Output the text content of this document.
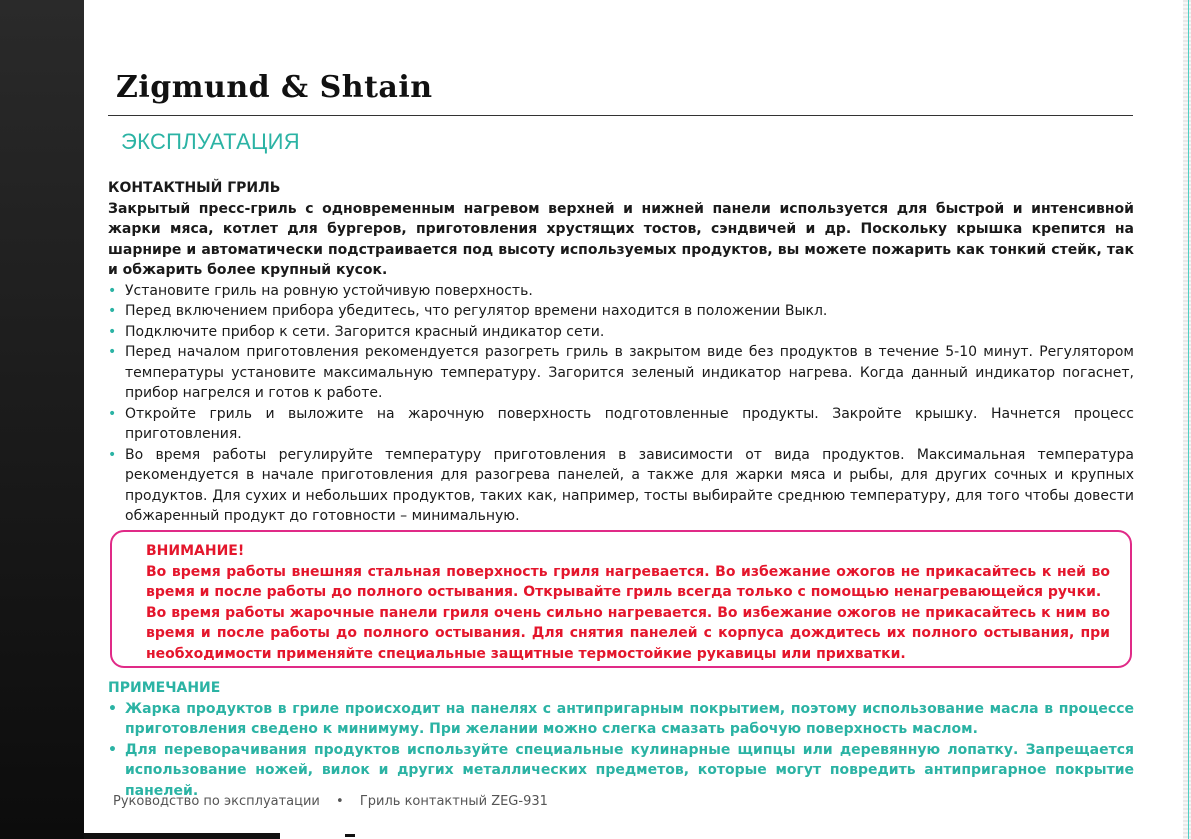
Zigmund & Shtain
ЭКСПЛУАТАЦИЯ

КОНТАКТНЫЙ ГРИЛЬ

Закрытый пресс-гриль с одновременным нагревом верхней и нижней панели используется для быстрой и интенсивной жарки мяса, котлет для бургеров, приготовления хрустящих тостов, сэндвичей и др. Поскольку крышка крепится на шарнире и автоматически подстраивается под высоту используемых продуктов, вы можете пожарить как тонкий стейк, так и обжарить более крупный кусок.

• Установите гриль на ровную устойчивую поверхность.
• Перед включением прибора убедитесь, что регулятор времени находится в положении Выкл.
• Подключите прибор к сети. Загорится красный индикатор сети.
• Перед началом приготовления рекомендуется разогреть гриль в закрытом виде без продуктов в течение 5-10 минут. Регулятором температуры установите максимальную температуру. Загорится зеленый индикатор нагрева. Когда данный индикатор погаснет, прибор нагрелся и готов к работе.
• Откройте гриль и выложите на жарочную поверхность подготовленные продукты. Закройте крышку. Начнется процесс приготовления.
• Во время работы регулируйте температуру приготовления в зависимости от вида продуктов. Максимальная температура рекомендуется в начале приготовления для разогрева панелей, а также для жарки мяса и рыбы, для других сочных и крупных продуктов. Для сухих и небольших продуктов, таких как, например, тосты выбирайте среднюю температуру, для того чтобы довести обжаренный продукт до готовности – минимальную.

ВНИМАНИЕ!

Во время работы внешняя стальная поверхность гриля нагревается. Во избежание ожогов не прикасайтесь к ней во время и после работы до полного остывания. Открывайте гриль всегда только с помощью ненагревающейся ручки.

Во время работы жарочные панели гриля очень сильно нагревается. Во избежание ожогов не прикасайтесь к ним во время и после работы до полного остывания. Для снятия панелей с корпуса дождитесь их полного остывания, при необходимости применяйте специальные защитные термостойкие рукавицы или прихватки.

ПРИМЕЧАНИЕ

• Жарка продуктов в гриле происходит на панелях с антипригарным покрытием, поэтому использование масла в процессе приготовления сведено к минимуму. При желании можно слегка смазать рабочую поверхность маслом.
• Для переворачивания продуктов используйте специальные кулинарные щипцы или деревянную лопатку. Запрещается использование ножей, вилок и других металлических предметов, которые могут повредить антипригарное покрытие панелей.
Руководство по эксплуатации • Гриль контактный ZEG-931
